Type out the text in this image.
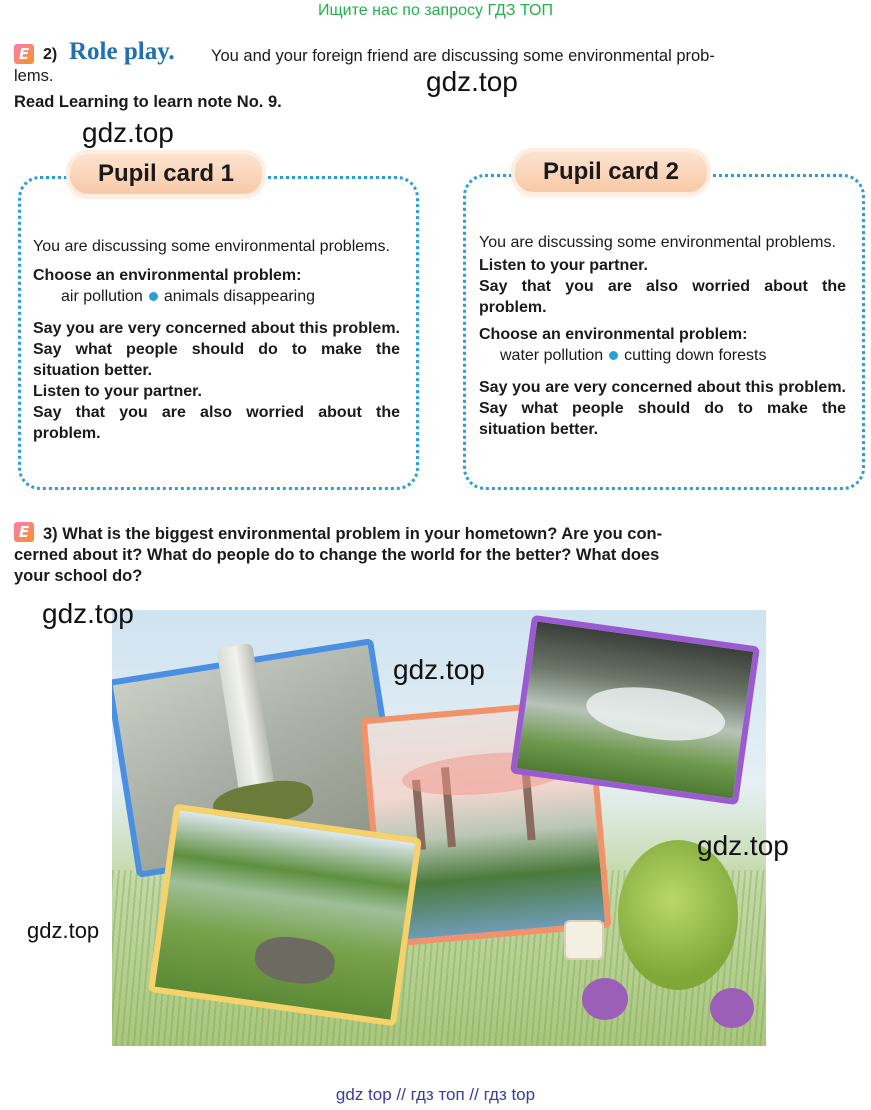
Ищите нас по запросу ГДЗ ТОП
E 2) Role play. You and your foreign friend are discussing some environmental prob-
lems.
Read Learning to learn note No. 9.
gdz.top
gdz.top
Pupil card 1

You are discussing some environmental problems.

Choose an environmental problem:

air pollution animals disappearing

Say you are very concerned about this problem. Say what people should do to make the situation better.

Listen to your partner.

Say that you are also worried about the problem.

Pupil card 2

You are discussing some environmental problems.

Listen to your partner.

Say that you are also worried about the problem.

Choose an environmental problem:

water pollution cutting down forests

Say you are very concerned about this problem. Say what people should do to make the situation better.

E 3) What is the biggest environmental problem in your hometown? Are you con-
cerned about it? What do people do to change the world for the better? What does
your school do?
gdz.top
gdz.top
gdz.top
gdz.top
gdz top // гдз топ // гдз top
